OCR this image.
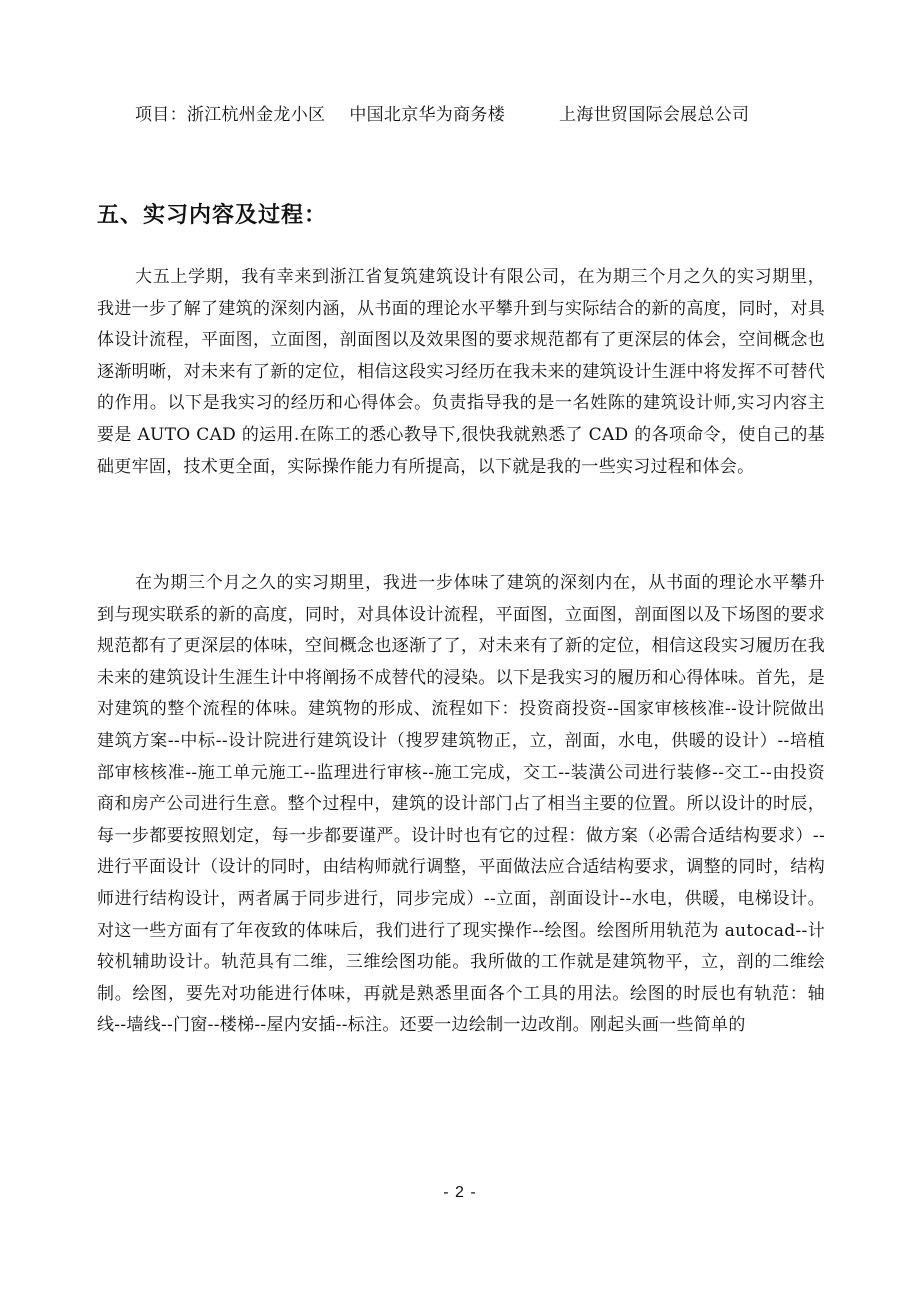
项目：浙江杭州金龙小区 中国北京华为商务楼	上海世贸国际会展总公司

五、实习内容及过程：

大五上学期，我有幸来到浙江省复筑建筑设计有限公司，在为期三个月之久的实习期里，我进一步了解了建筑的深刻内涵，从书面的理论水平攀升到与实际结合的新的高度，同时，对具体设计流程，平面图，立面图，剖面图以及效果图的要求规范都有了更深层的体会，空间概念也逐渐明晰，对未来有了新的定位，相信这段实习经历在我未来的建筑设计生涯中将发挥不可替代的作用。以下是我实习的经历和心得体会。负责指导我的是一名姓陈的建筑设计师,实习内容主要是 AUTO CAD 的运用.在陈工的悉心教导下,很快我就熟悉了 CAD 的各项命令，使自己的基础更牢固，技术更全面，实际操作能力有所提高，以下就是我的一些实习过程和体会。

在为期三个月之久的实习期里，我进一步体味了建筑的深刻内在，从书面的理论水平攀升到与现实联系的新的高度，同时，对具体设计流程，平面图，立面图，剖面图以及下场图的要求规范都有了更深层的体味，空间概念也逐渐了了，对未来有了新的定位，相信这段实习履历在我未来的建筑设计生涯生计中将阐扬不成替代的浸染。以下是我实习的履历和心得体味。首先，是对建筑的整个流程的体味。建筑物的形成、流程如下：投资商投资--国家审核核准--设计院做出建筑方案--中标--设计院进行建筑设计（搜罗建筑物正，立，剖面，水电，供暖的设计）--培植部审核核准--施工单元施工--监理进行审核--施工完成，交工--装潢公司进行装修--交工--由投资商和房产公司进行生意。整个过程中，建筑的设计部门占了相当主要的位置。所以设计的时辰，每一步都要按照划定，每一步都要谨严。设计时也有它的过程：做方案（必需合适结构要求）--进行平面设计（设计的同时，由结构师就行调整，平面做法应合适结构要求，调整的同时，结构师进行结构设计，两者属于同步进行，同步完成）--立面，剖面设计--水电，供暖，电梯设计。 对这一些方面有了年夜致的体味后，我们进行了现实操作--绘图。绘图所用轨范为 autocad--计较机辅助设计。轨范具有二维，三维绘图功能。我所做的工作就是建筑物平，立，剖的二维绘制。绘图，要先对功能进行体味，再就是熟悉里面各个工具的用法。绘图的时辰也有轨范：轴线--墙线--门窗--楼梯--屋内安插--标注。还要一边绘制一边改削。刚起头画一些简单的

- 2 -
